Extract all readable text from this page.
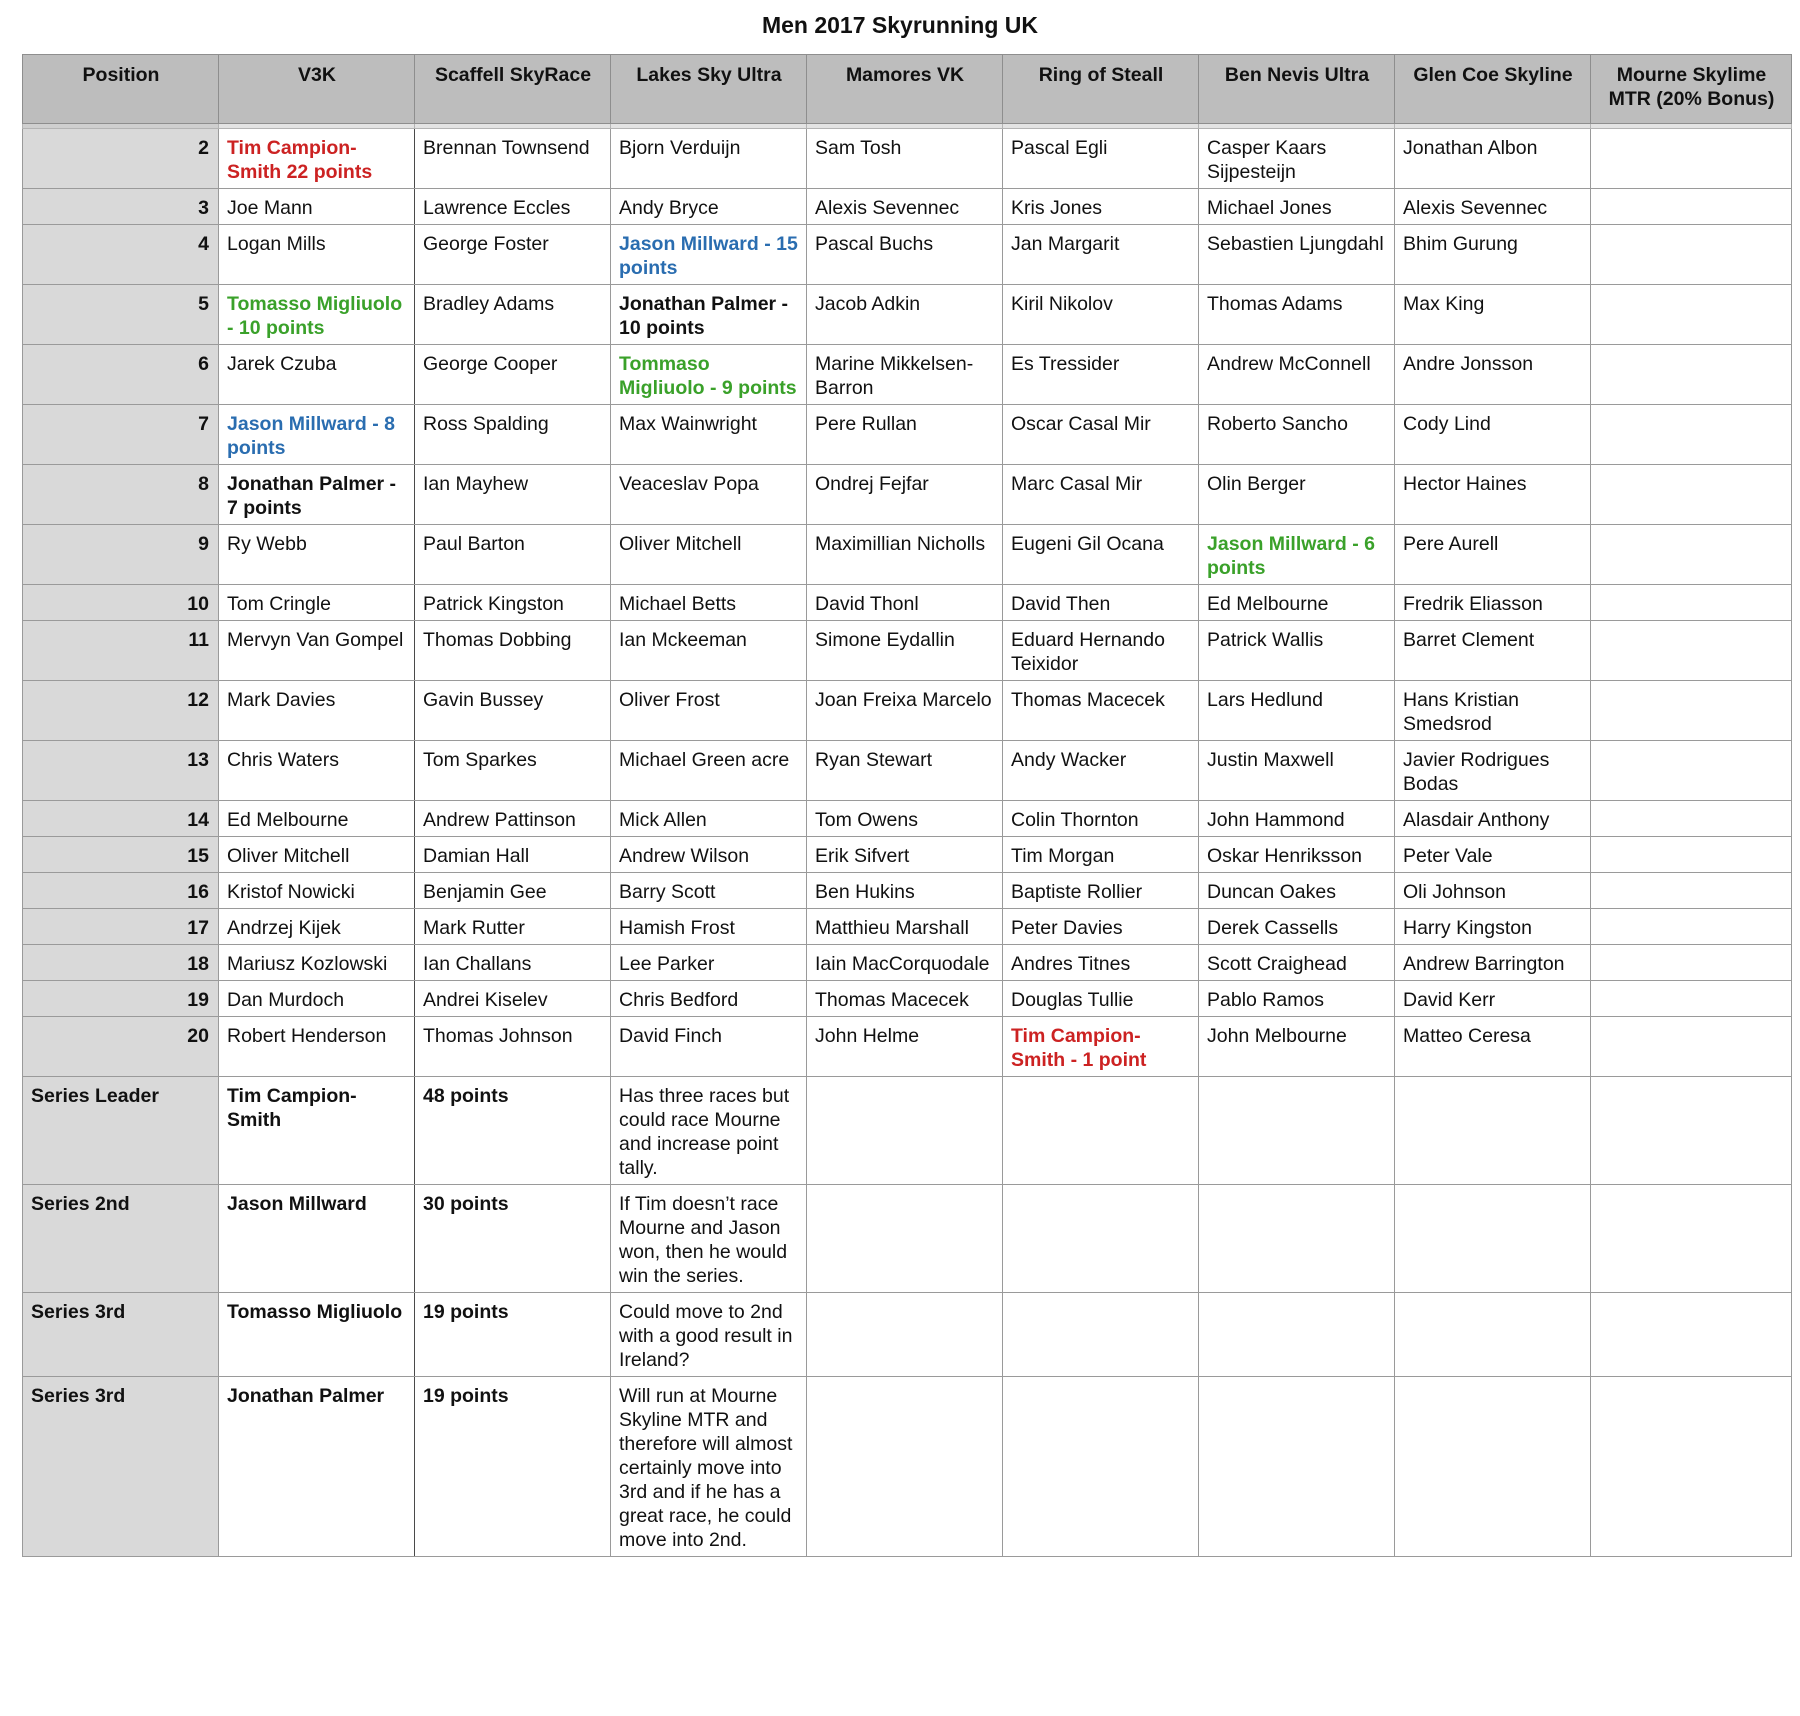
Men 2017 Skyrunning UK
Position	V3K	Scaffell SkyRace	Lakes Sky Ultra	Mamores VK	Ring of Steall	Ben Nevis Ultra	Glen Coe Skyline	Mourne Skylime MTR (20% Bonus)

2	Tim Campion-Smith 22 points	Brennan Townsend	Bjorn Verduijn	Sam Tosh	Pascal Egli	Casper Kaars Sijpesteijn	Jonathan Albon	
3	Joe Mann	Lawrence Eccles	Andy Bryce	Alexis Sevennec	Kris Jones	Michael Jones	Alexis Sevennec	
4	Logan Mills	George Foster	Jason Millward - 15 points	Pascal Buchs	Jan Margarit	Sebastien Ljungdahl	Bhim Gurung	
5	Tomasso Migliuolo - 10 points	Bradley Adams	Jonathan Palmer - 10 points	Jacob Adkin	Kiril Nikolov	Thomas Adams	Max King	
6	Jarek Czuba	George Cooper	Tommaso Migliuolo - 9 points	Marine Mikkelsen-Barron	Es Tressider	Andrew McConnell	Andre Jonsson	
7	Jason Millward - 8 points	Ross Spalding	Max Wainwright	Pere Rullan	Oscar Casal Mir	Roberto Sancho	Cody Lind	
8	Jonathan Palmer - 7 points	Ian Mayhew	Veaceslav Popa	Ondrej Fejfar	Marc Casal Mir	Olin Berger	Hector Haines	
9	Ry Webb	Paul Barton	Oliver Mitchell	Maximillian Nicholls	Eugeni Gil Ocana	Jason Millward - 6 points	Pere Aurell	
10	Tom Cringle	Patrick Kingston	Michael Betts	David Thonl	David Then	Ed Melbourne	Fredrik Eliasson	
11	Mervyn Van Gompel	Thomas Dobbing	Ian Mckeeman	Simone Eydallin	Eduard Hernando Teixidor	Patrick Wallis	Barret Clement	
12	Mark Davies	Gavin Bussey	Oliver Frost	Joan Freixa Marcelo	Thomas Macecek	Lars Hedlund	Hans Kristian Smedsrod	
13	Chris Waters	Tom Sparkes	Michael Green acre	Ryan Stewart	Andy Wacker	Justin Maxwell	Javier Rodrigues Bodas	
14	Ed Melbourne	Andrew Pattinson	Mick Allen	Tom Owens	Colin Thornton	John Hammond	Alasdair Anthony	
15	Oliver Mitchell	Damian Hall	Andrew Wilson	Erik Sifvert	Tim Morgan	Oskar Henriksson	Peter Vale	
16	Kristof Nowicki	Benjamin Gee	Barry Scott	Ben Hukins	Baptiste Rollier	Duncan Oakes	Oli Johnson	
17	Andrzej Kijek	Mark Rutter	Hamish Frost	Matthieu Marshall	Peter Davies	Derek Cassells	Harry Kingston	
18	Mariusz Kozlowski	Ian Challans	Lee Parker	Iain MacCorquodale	Andres Titnes	Scott Craighead	Andrew Barrington	
19	Dan Murdoch	Andrei Kiselev	Chris Bedford	Thomas Macecek	Douglas Tullie	Pablo Ramos	David Kerr	
20	Robert Henderson	Thomas Johnson	David Finch	John Helme	Tim Campion-Smith - 1 point	John Melbourne	Matteo Ceresa	
Series Leader	Tim Campion-Smith	48 points	Has three races but could race Mourne and increase point tally.					
Series 2nd	Jason Millward	30 points	If Tim doesn’t race Mourne and Jason won, then he would win the series.					
Series 3rd	Tomasso Migliuolo	19 points	Could move to 2nd with a good result in Ireland?					
Series 3rd	Jonathan Palmer	19 points	Will run at Mourne Skyline MTR and therefore will almost certainly move into 3rd and if he has a great race, he could move into 2nd.					
